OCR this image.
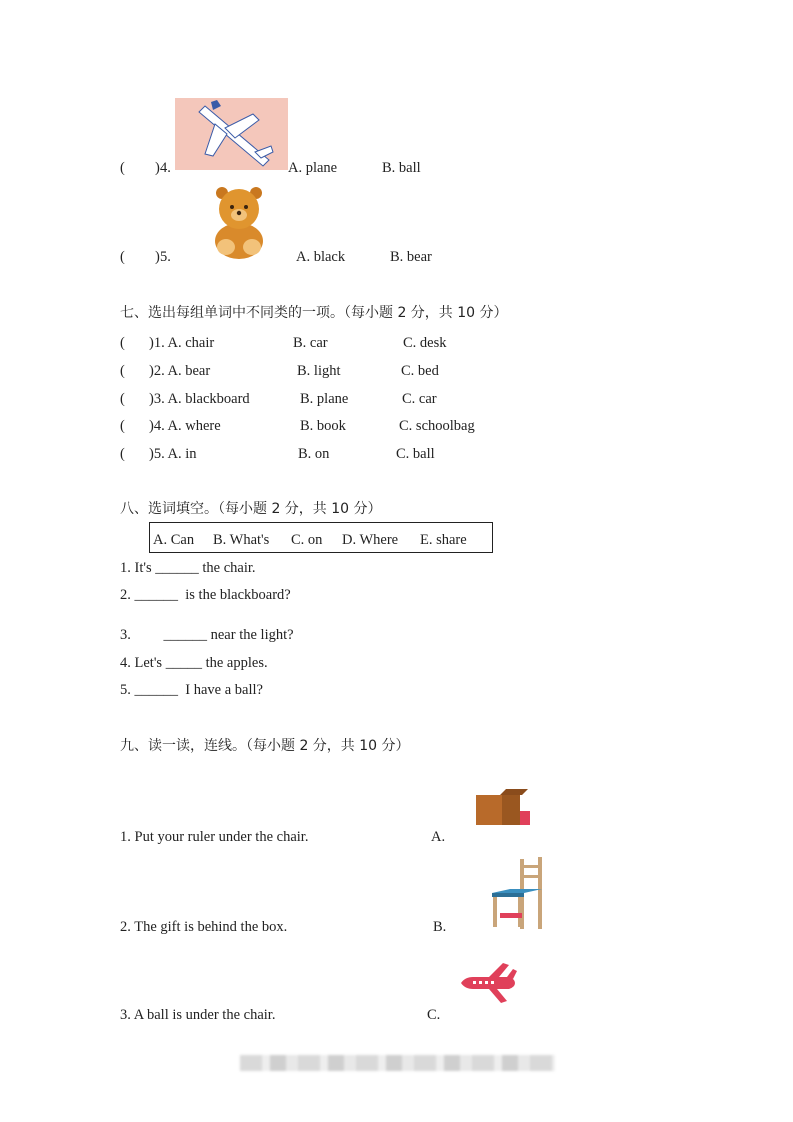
( ) 4.	A. plane	B. ball
( ) 5.	A. black	B. bear
七、选出每组单词中不同类的一项。（每小题 2 分，共 10 分）
( )1. A. chair	B. car	C. desk
( )2. A. bear	B. light	C. bed
( )3. A. blackboard	B. plane	C. car
( )4. A. where	B. book	C. schoolbag
( )5. A. in	B. on	C. ball
八、选词填空。（每小题 2 分，共 10 分）
A. Can B. What's C. on D. Where E. share
1. It's ______ the chair.
2. ______  is the blackboard?
3.         ______ near the light?
4. Let's _____ the apples.
5. ______  I have a ball?
九、读一读，连线。（每小题 2 分，共 10 分）
1. Put your ruler under the chair.	A.
2. The gift is behind the box.	B.
3. A ball is under the chair.	C.
